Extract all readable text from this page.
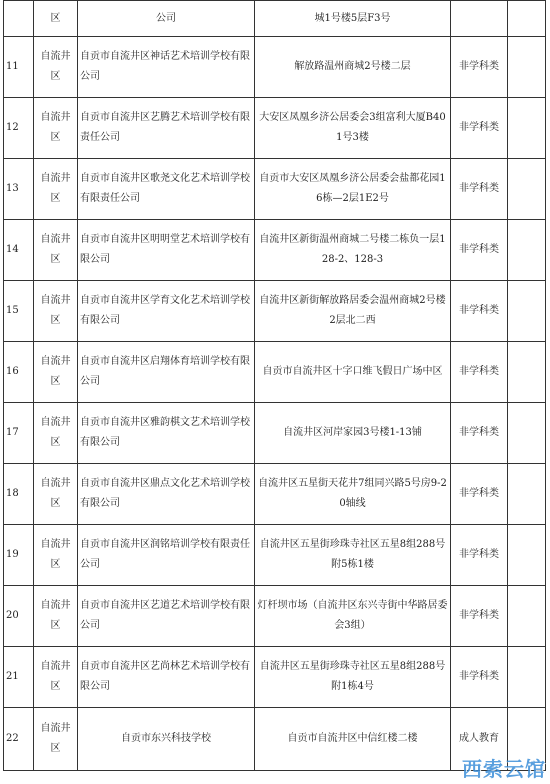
	区	公司	城1号楼5层F3号		
11	自流井区	自贡市自流井区神话艺术培训学校有限公司	解放路温州商城2号楼二层	非学科类	
12	自流井区	自贡市自流井区艺腾艺术培训学校有限责任公司	大安区凤凰乡济公居委会3组富利大厦B401号3楼	非学科类	
13	自流井区	自贡市自流井区歌尧文化艺术培训学校有限责任公司	自贡市大安区凤凰乡济公居委会盐都花园16栋—2层1E2号	非学科类	
14	自流井区	自贡市自流井区明明堂艺术培训学校有限公司	自流井区新街温州商城二号楼二栋负一层128-2、128-3	非学科类	
15	自流井区	自贡市自流井区学育文化艺术培训学校有限公司	自流井区新街解放路居委会温州商城2号楼2层北二西	非学科类	
16	自流井区	自贡市自流井区启翔体育培训学校有限公司	自贡市自流井区十字口维飞假日广场中区	非学科类	
17	自流井区	自贡市自流井区雅韵棋文艺术培训学校有限公司	自流井区河岸家园3号楼1-13铺	非学科类	
18	自流井区	自贡市自流井区鼎点文化艺术培训学校有限公司	自流井区五星街天花井7组同兴路5号房9-20轴线	非学科类	
19	自流井区	自贡市自流井区润铭培训学校有限责任公司	自流井区五星街珍珠寺社区五星8组288号附5栋1楼	非学科类	
20	自流井区	自贡市自流井区艺道艺术培训学校有限公司	灯杆坝市场（自流井区东兴寺街中华路居委会3组）	非学科类	
21	自流井区	自贡市自流井区艺尚林艺术培训学校有限公司	自流井区五星街珍珠寺社区五星8组288号附1栋4号	非学科类	
22	自流井区	自贡市东兴科技学校	自贡市自流井区中信红楼二楼	成人教育	
西索云馆
